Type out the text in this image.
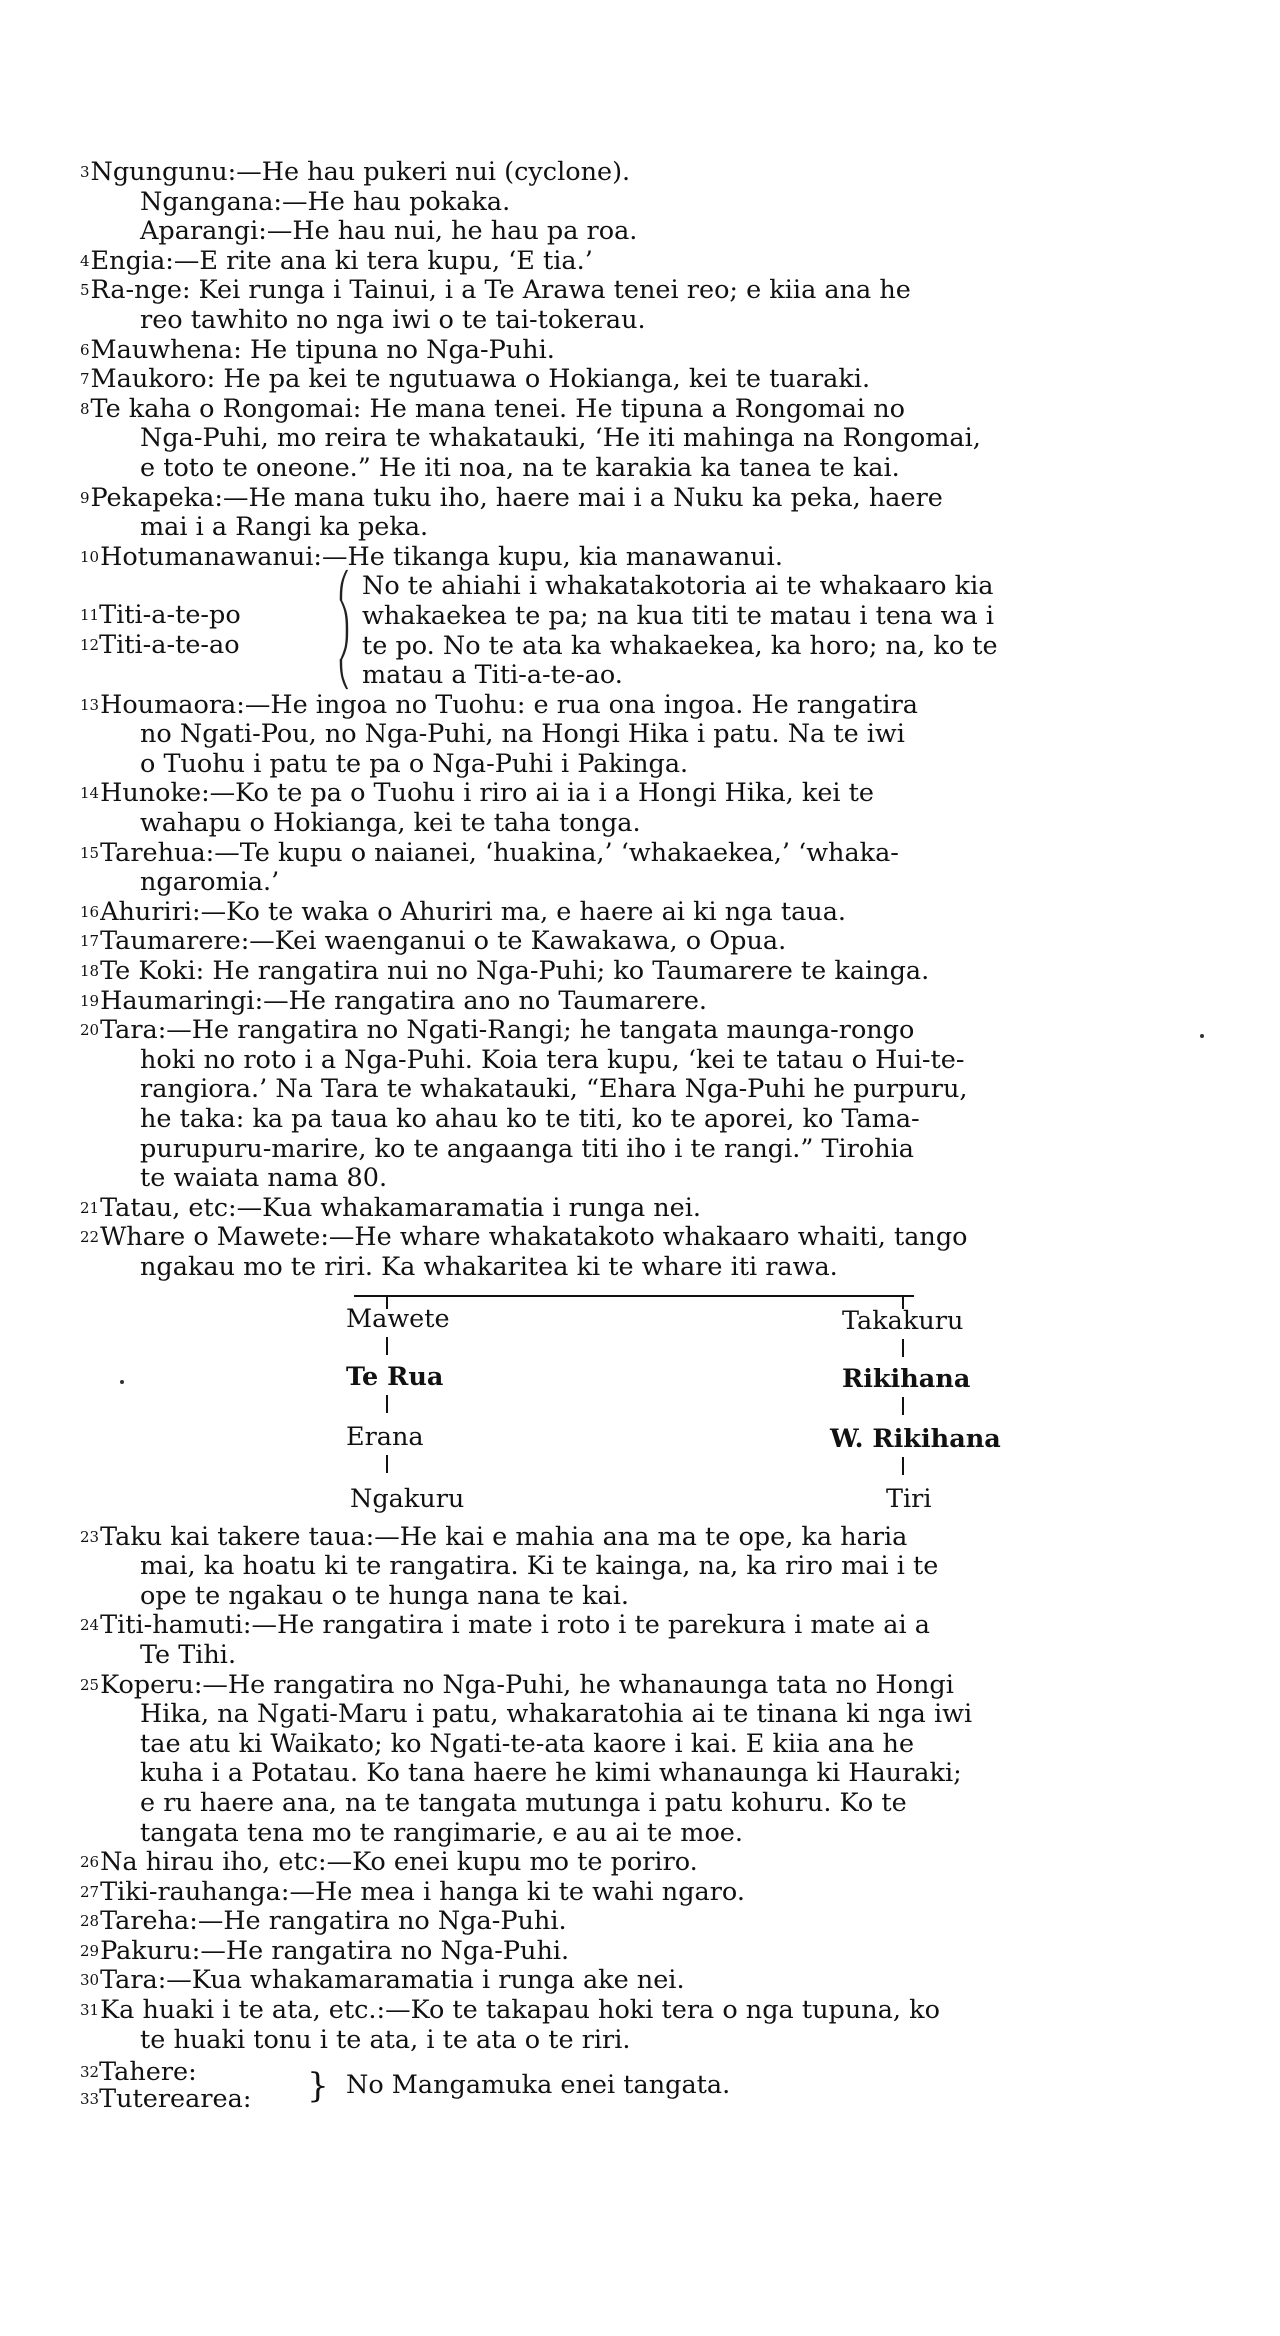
$^3$Ngungunu:—He hau pukeri nui (cyclone).
Ngangana:—He hau pokaka.
Aparangi:—He hau nui, he hau pa roa.
$^4$Engia:—E rite ana ki tera kupu, ‘E tia.’
$^5$Ra-nge: Kei runga i Tainui, i a Te Arawa tenei reo; e kiia ana he
reo tawhito no nga iwi o te tai-tokerau.
$^6$Mauwhena: He tipuna no Nga-Puhi.
$^7$Maukoro: He pa kei te ngutuawa o Hokianga, kei te tuaraki.
$^8$Te kaha o Rongomai: He mana tenei. He tipuna a Rongomai no
Nga-Puhi, mo reira te whakatauki, ‘He iti mahinga na Rongomai,
e toto te oneone.” He iti noa, na te karakia ka tanea te kai.
$^9$Pekapeka:—He mana tuku iho, haere mai i a Nuku ka peka, haere
mai i a Rangi ka peka.
$^{10}$Hotumanawanui:—He tikanga kupu, kia manawanui.
$^{11}$Titi-a-te-po
$^{12}$Titi-a-te-ao
⎛
⎞
⎠
⎝
No te ahiahi i whakatakotoria ai te whakaaro kia
whakaekea te pa; na kua titi te matau i tena wa i
te po. No te ata ka whakaekea, ka horo; na, ko te
matau a Titi-a-te-ao.
$^{13}$Houmaora:—He ingoa no Tuohu: e rua ona ingoa. He rangatira
no Ngati-Pou, no Nga-Puhi, na Hongi Hika i patu. Na te iwi
o Tuohu i patu te pa o Nga-Puhi i Pakinga.
$^{14}$Hunoke:—Ko te pa o Tuohu i riro ai ia i a Hongi Hika, kei te
wahapu o Hokianga, kei te taha tonga.
$^{15}$Tarehua:—Te kupu o naianei, ‘huakina,’ ‘whakaekea,’ ‘whaka-
ngaromia.’
$^{16}$Ahuriri:—Ko te waka o Ahuriri ma, e haere ai ki nga taua.
$^{17}$Taumarere:—Kei waenganui o te Kawakawa, o Opua.
$^{18}$Te Koki: He rangatira nui no Nga-Puhi; ko Taumarere te kainga.
$^{19}$Haumaringi:—He rangatira ano no Taumarere.
$^{20}$Tara:—He rangatira no Ngati-Rangi; he tangata maunga-rongo
hoki no roto i a Nga-Puhi. Koia tera kupu, ‘kei te tatau o Hui-te-
rangiora.’ Na Tara te whakatauki, “Ehara Nga-Puhi he purpuru,
he taka: ka pa taua ko ahau ko te titi, ko te aporei, ko Tama-
purupuru-marire, ko te angaanga titi iho i te rangi.” Tirohia
te waiata nama 80.
$^{21}$Tatau, etc:—Kua whakamaramatia i runga nei.
$^{22}$Whare o Mawete:—He whare whakatakoto whakaaro whaiti, tango
ngakau mo te riri. Ka whakaritea ki te whare iti rawa.
Mawete
Te Rua
Erana
Ngakuru
Takakuru
Rikihana
W. Rikihana
Tiri
$^{23}$Taku kai takere taua:—He kai e mahia ana ma te ope, ka haria
mai, ka hoatu ki te rangatira. Ki te kainga, na, ka riro mai i te
ope te ngakau o te hunga nana te kai.
$^{24}$Titi-hamuti:—He rangatira i mate i roto i te parekura i mate ai a
Te Tihi.
$^{25}$Koperu:—He rangatira no Nga-Puhi, he whanaunga tata no Hongi
Hika, na Ngati-Maru i patu, whakaratohia ai te tinana ki nga iwi
tae atu ki Waikato; ko Ngati-te-ata kaore i kai. E kiia ana he
kuha i a Potatau. Ko tana haere he kimi whanaunga ki Hauraki;
e ru haere ana, na te tangata mutunga i patu kohuru. Ko te
tangata tena mo te rangimarie, e au ai te moe.
$^{26}$Na hirau iho, etc:—Ko enei kupu mo te poriro.
$^{27}$Tiki-rauhanga:—He mea i hanga ki te wahi ngaro.
$^{28}$Tareha:—He rangatira no Nga-Puhi.
$^{29}$Pakuru:—He rangatira no Nga-Puhi.
$^{30}$Tara:—Kua whakamaramatia i runga ake nei.
$^{31}$Ka huaki i te ata, etc.:—Ko te takapau hoki tera o nga tupuna, ko
te huaki tonu i te ata, i te ata o te riri.
$^{32}$Tahere:
$^{33}$Tuterearea:	} No Mangamuka enei tangata.
